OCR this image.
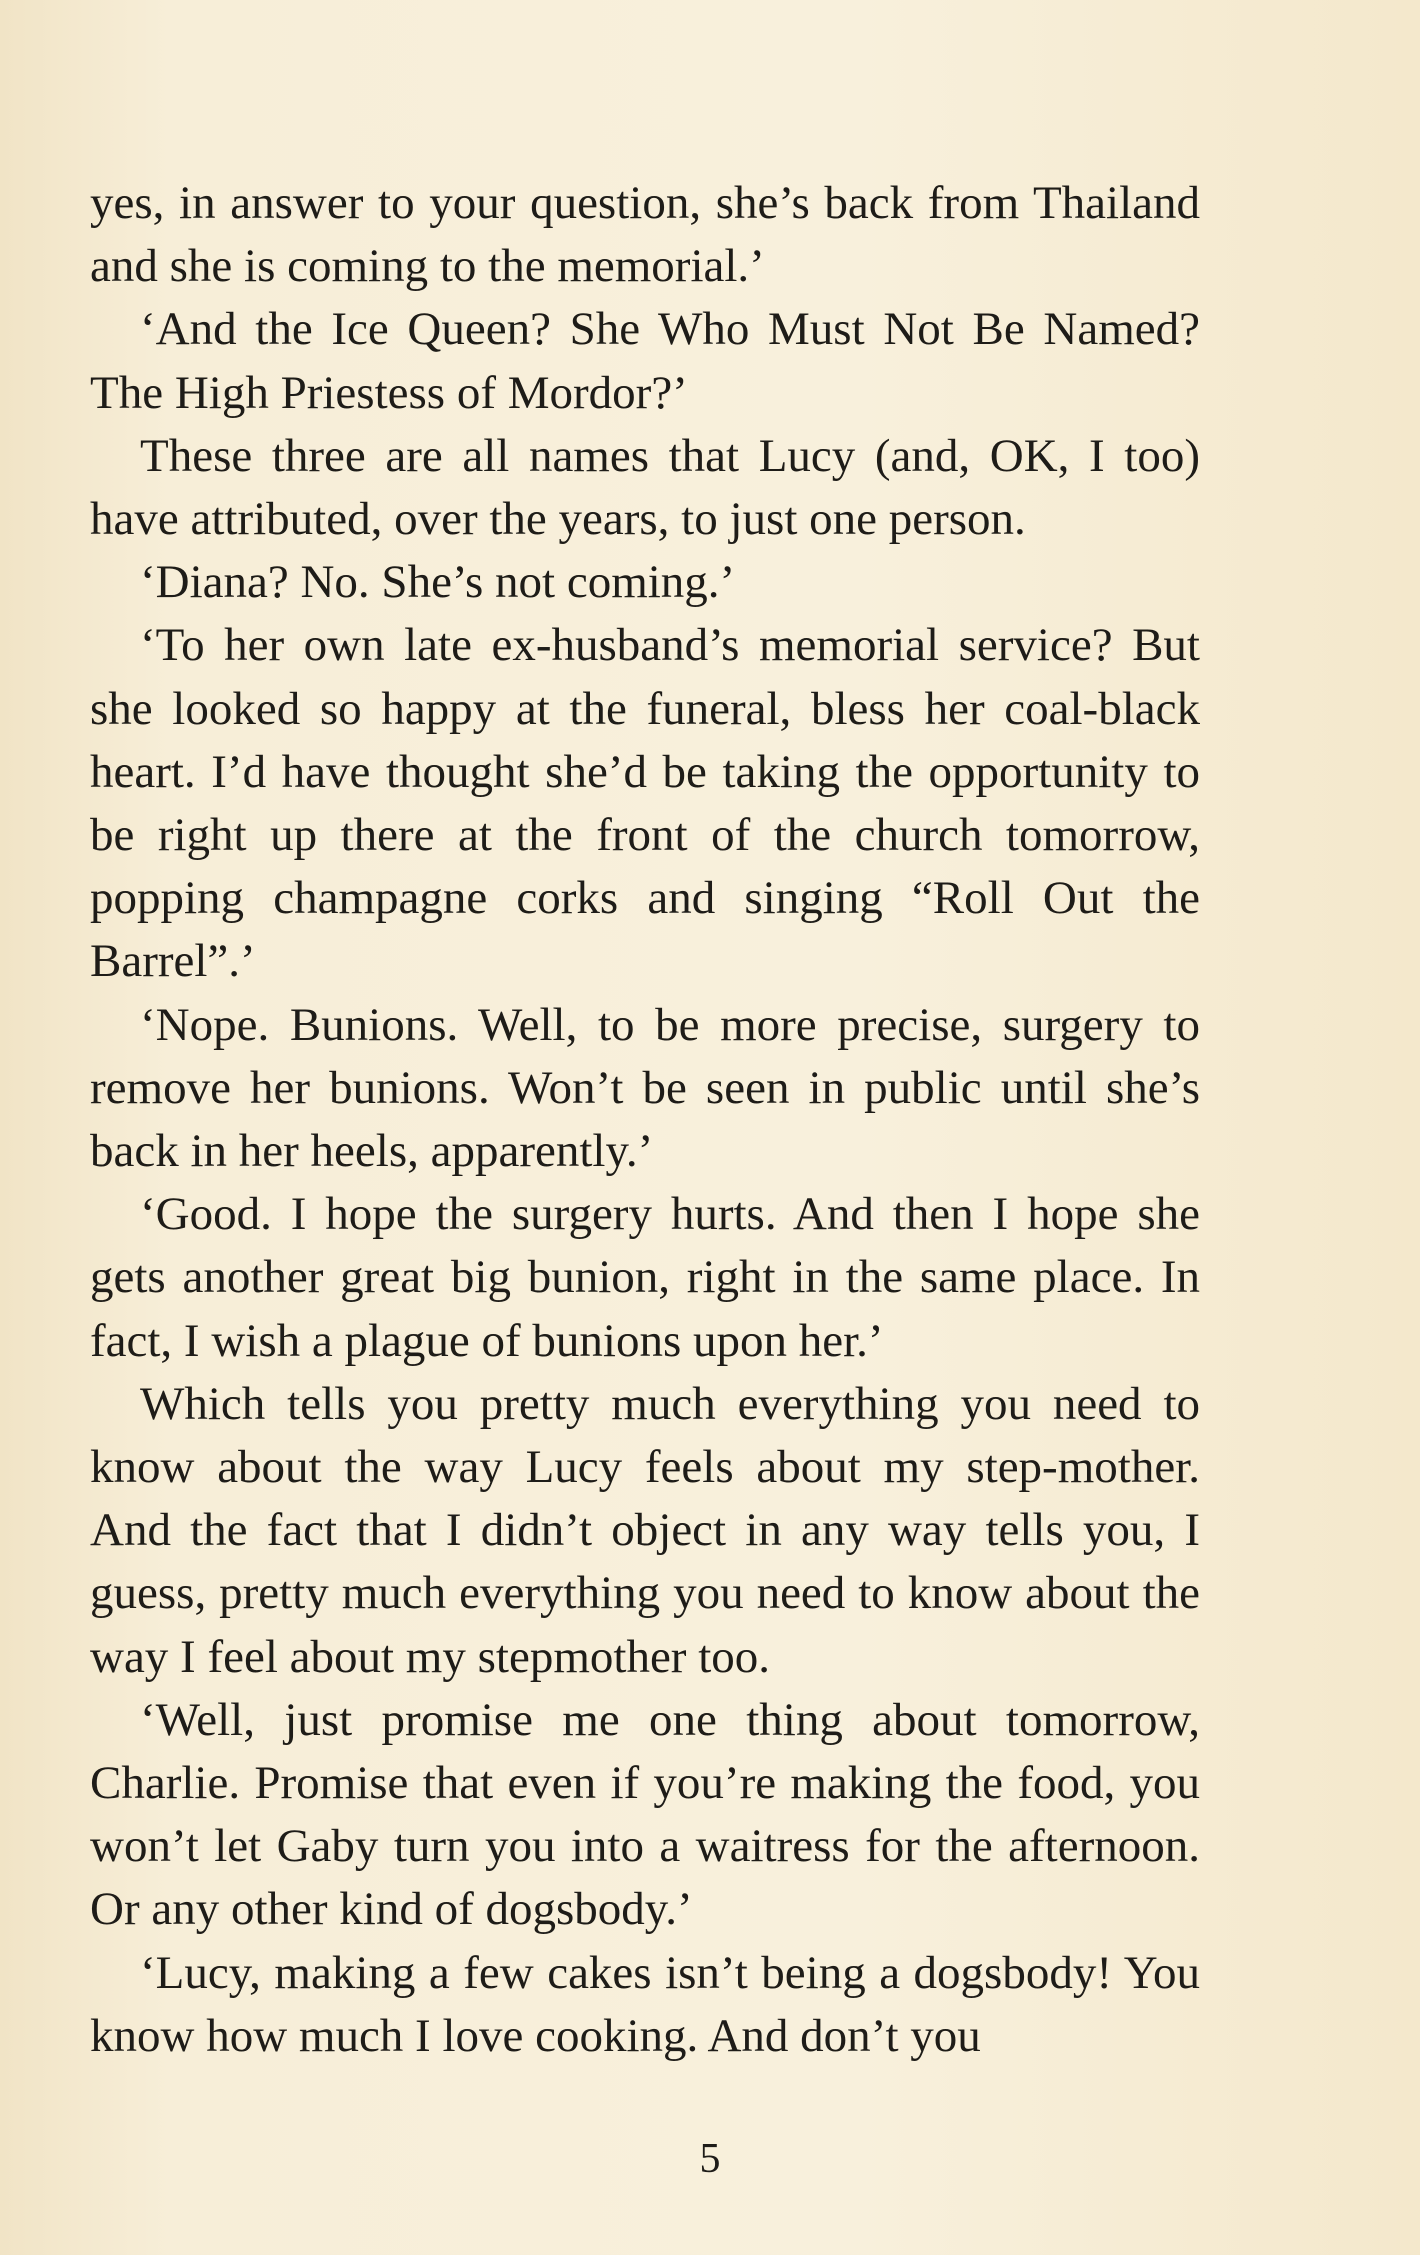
yes, in answer to your question, she’s back from Thailand and she is coming to the memorial.’

‘And the Ice Queen? She Who Must Not Be Named? The High Priestess of Mordor?’

These three are all names that Lucy (and, OK, I too) have attributed, over the years, to just one person.

‘Diana? No. She’s not coming.’

‘To her own late ex-husband’s memorial service? But she looked so happy at the funeral, bless her coal-black heart. I’d have thought she’d be taking the opportunity to be right up there at the front of the church tomorrow, popping champagne corks and singing “Roll Out the Barrel”.’

‘Nope. Bunions. Well, to be more precise, surgery to remove her bunions. Won’t be seen in public until she’s back in her heels, apparently.’

‘Good. I hope the surgery hurts. And then I hope she gets another great big bunion, right in the same place. In fact, I wish a plague of bunions upon her.’

Which tells you pretty much everything you need to know about the way Lucy feels about my step-mother. And the fact that I didn’t object in any way tells you, I guess, pretty much everything you need to know about the way I feel about my stepmother too.

‘Well, just promise me one thing about tomorrow, Charlie. Promise that even if you’re making the food, you won’t let Gaby turn you into a waitress for the afternoon. Or any other kind of dogsbody.’

‘Lucy, making a few cakes isn’t being a dogsbody! You know how much I love cooking. And don’t you

5
